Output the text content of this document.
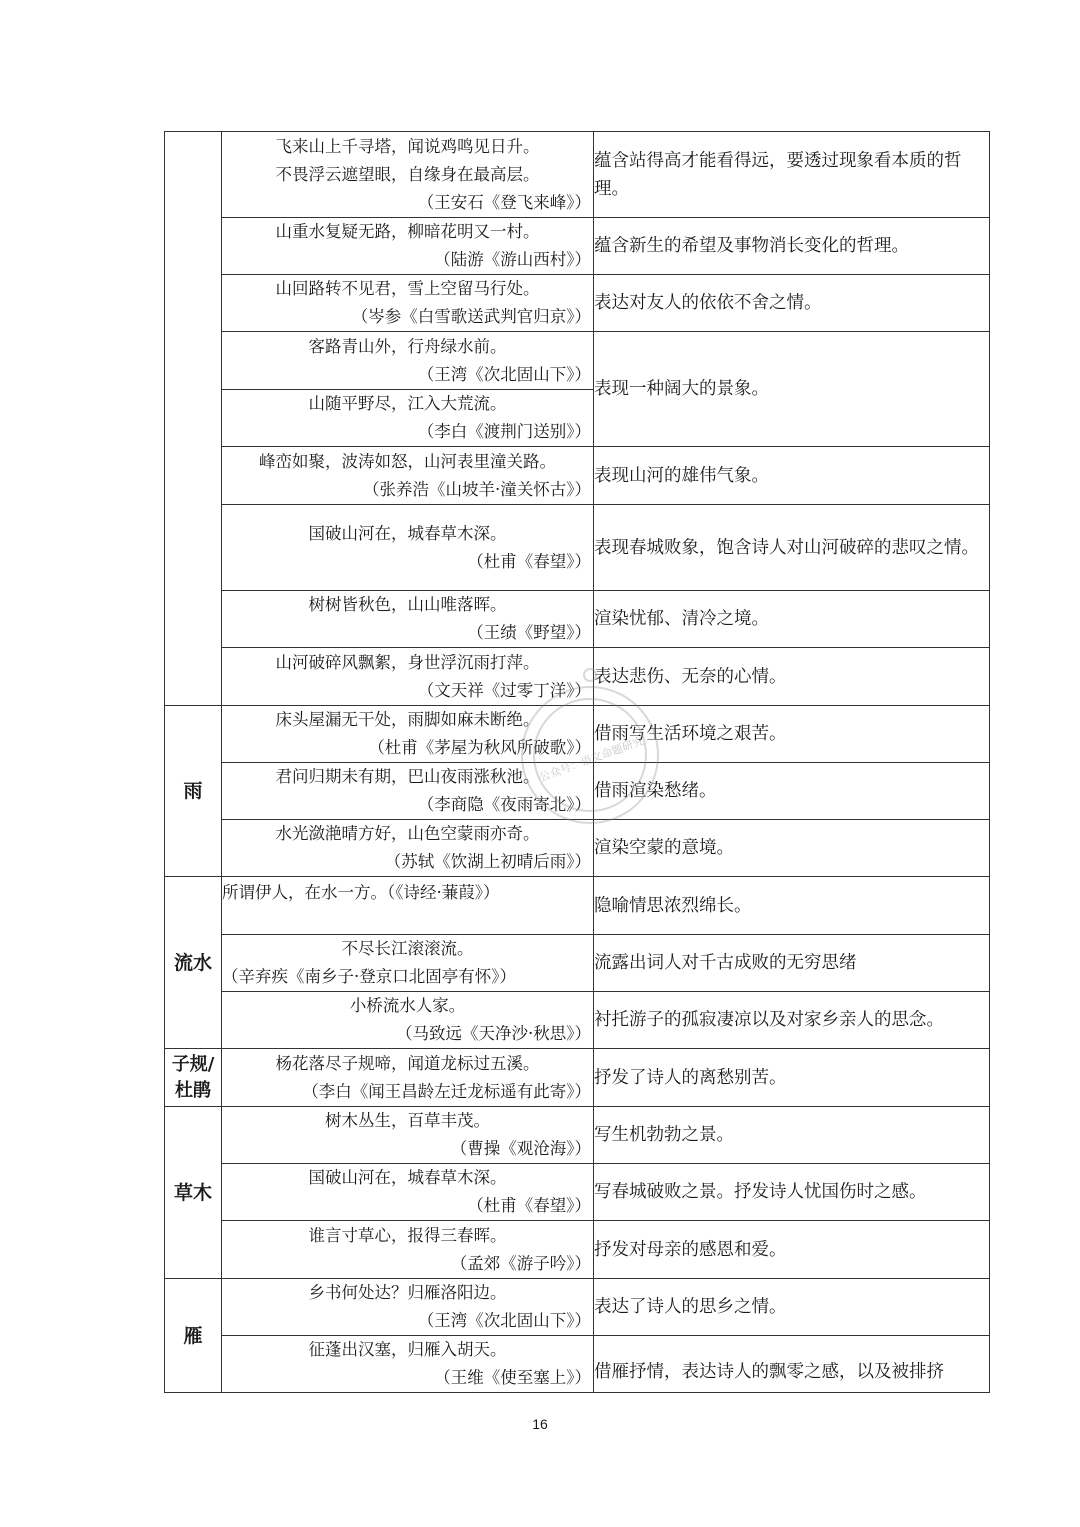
	飞来山上千寻塔，闻说鸡鸣见日升。
不畏浮云遮望眼，自缘身在最高层。
（王安石《登飞来峰》）	蕴含站得高才能看得远，要透过现象看本质的哲理。

	山重水复疑无路，柳暗花明又一村。
（陆游《游山西村》）	蕴含新生的希望及事物消长变化的哲理。

	山回路转不见君，雪上空留马行处。
（岑参《白雪歌送武判官归京》）	表达对友人的依依不舍之情。

	客路青山外，行舟绿水前。
（王湾《次北固山下》）	表现一种阔大的景象。

	山随平野尽，江入大荒流。
（李白《渡荆门送别》）	

	峰峦如聚，波涛如怒，山河表里潼关路。
（张养浩《山坡羊·潼关怀古》）	表现山河的雄伟气象。

	国破山河在，城春草木深。
（杜甫《春望》）	表现春城败象，饱含诗人对山河破碎的悲叹之情。

	树树皆秋色，山山唯落晖。
（王绩《野望》）	渲染忧郁、清冷之境。

	山河破碎风飘絮，身世浮沉雨打萍。
（文天祥《过零丁洋》）	表达悲伤、无奈的心情。
雨	床头屋漏无干处，雨脚如麻未断绝。
（杜甫《茅屋为秋风所破歌》）	借雨写生活环境之艰苦。

	君问归期未有期，巴山夜雨涨秋池。
（李商隐《夜雨寄北》）	借雨渲染愁绪。

	水光潋滟晴方好，山色空蒙雨亦奇。
（苏轼《饮湖上初晴后雨》）	渲染空蒙的意境。
流水	所谓伊人，在水一方。（《诗经·蒹葭》）	隐喻情思浓烈绵长。

	不尽长江滚滚流。
（辛弃疾《南乡子·登京口北固亭有怀》）	流露出词人对千古成败的无穷思绪

	小桥流水人家。
（马致远《天净沙·秋思》）	衬托游子的孤寂凄凉以及对家乡亲人的思念。
子规/杜鹃	杨花落尽子规啼，闻道龙标过五溪。
（李白《闻王昌龄左迁龙标遥有此寄》）	抒发了诗人的离愁别苦。
草木	树木丛生，百草丰茂。
（曹操《观沧海》）	写生机勃勃之景。

	国破山河在，城春草木深。
（杜甫《春望》）	写春城破败之景。抒发诗人忧国伤时之感。

	谁言寸草心，报得三春晖。
（孟郊《游子吟》）	抒发对母亲的感恩和爱。
雁	乡书何处达？归雁洛阳边。
（王湾《次北固山下》）	表达了诗人的思乡之情。

	征蓬出汉塞，归雁入胡天。
（王维《使至塞上》）	借雁抒情，表达诗人的飘零之感，以及被排挤
公众号：语文命题研究
16
